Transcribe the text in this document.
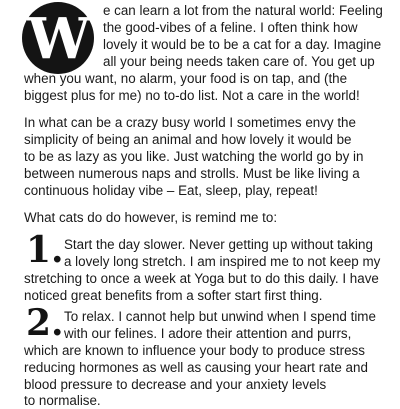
W e can learn a lot from the natural world: Feeling
the good-vibes of a feline. I often think how
lovely it would be to be a cat for a day. Imagine
all your being needs taken care of. You get up
when you want, no alarm, your food is on tap, and (the
biggest plus for me) no to-do list. Not a care in the world!
In what can be a crazy busy world I sometimes envy the
simplicity of being an animal and how lovely it would be
to be as lazy as you like. Just watching the world go by in
between numerous naps and strolls. Must be like living a
continuous holiday vibe – Eat, sleep, play, repeat!
What cats do do however, is remind me to:
1. Start the day slower. Never getting up without taking
a lovely long stretch. I am inspired me to not keep my
stretching to once a week at Yoga but to do this daily. I have
noticed great benefits from a softer start first thing.
2. To relax. I cannot help but unwind when I spend time
with our felines. I adore their attention and purrs,
which are known to influence your body to produce stress
reducing hormones as well as causing your heart rate and
blood pressure to decrease and your anxiety levels
to normalise.
